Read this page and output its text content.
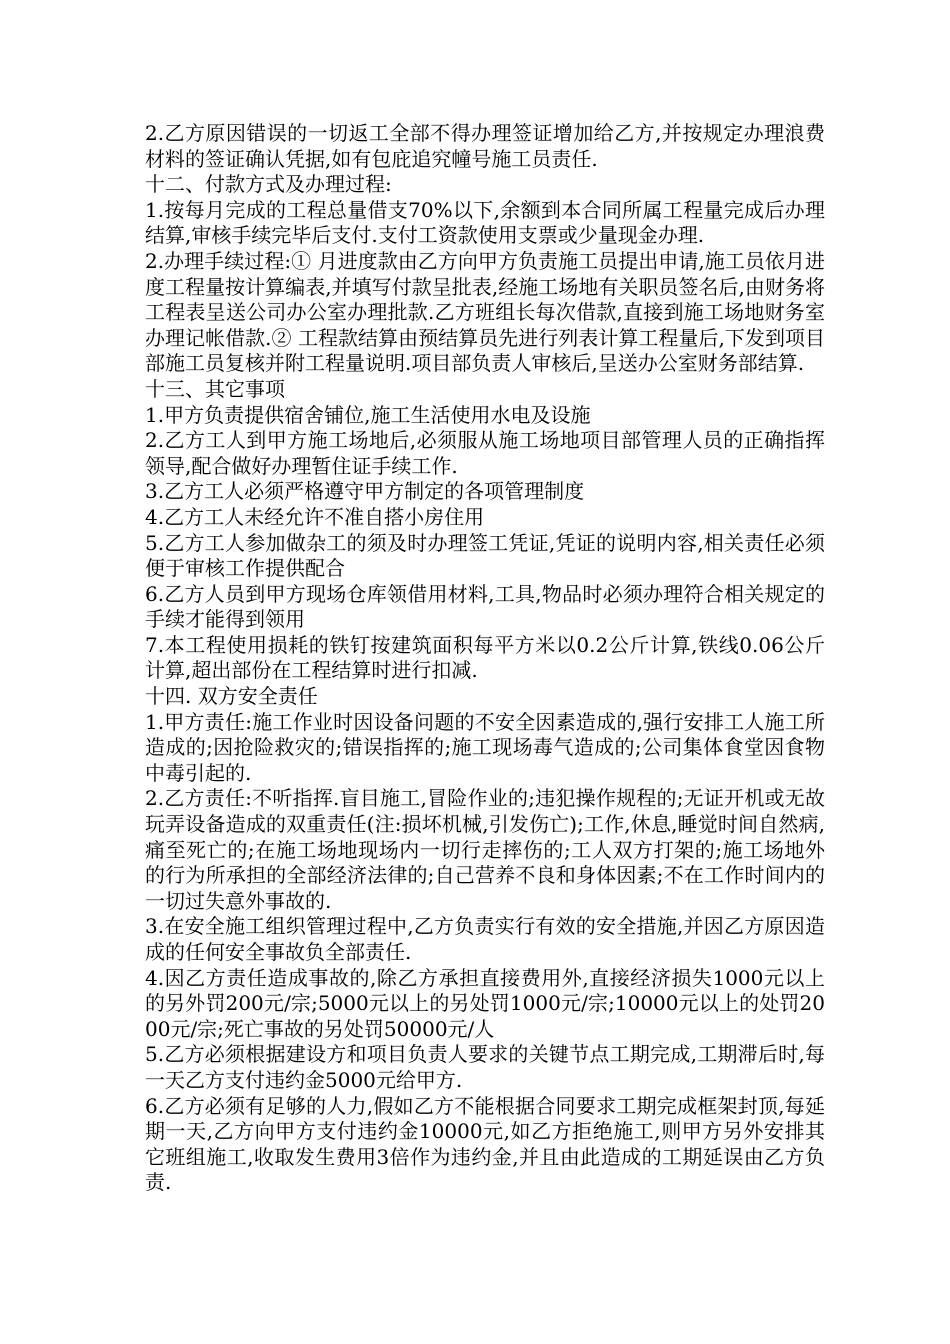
2.乙方原因错误的一切返工全部不得办理签证增加给乙方,并按规定办理浪费材料的签证确认凭据,如有包庇追究幢号施工员责任.

十二、付款方式及办理过程:

1.按每月完成的工程总量借支70%以下,余额到本合同所属工程量完成后办理结算,审核手续完毕后支付.支付工资款使用支票或少量现金办理.

2.办理手续过程:① 月进度款由乙方向甲方负责施工员提出申请,施工员依月进度工程量按计算编表,并填写付款呈批表,经施工场地有关职员签名后,由财务将工程表呈送公司办公室办理批款.乙方班组长每次借款,直接到施工场地财务室办理记帐借款.② 工程款结算由预结算员先进行列表计算工程量后,下发到项目部施工员复核并附工程量说明.项目部负责人审核后,呈送办公室财务部结算.

十三、其它事项

1.甲方负责提供宿舍铺位,施工生活使用水电及设施

2.乙方工人到甲方施工场地后,必须服从施工场地项目部管理人员的正确指挥领导,配合做好办理暂住证手续工作.

3.乙方工人必须严格遵守甲方制定的各项管理制度

4.乙方工人未经允许不准自搭小房住用

5.乙方工人参加做杂工的须及时办理签工凭证,凭证的说明内容,相关责任必须便于审核工作提供配合

6.乙方人员到甲方现场仓库领借用材料,工具,物品时必须办理符合相关规定的手续才能得到领用

7.本工程使用损耗的铁钉按建筑面积每平方米以0.2公斤计算,铁线0.06公斤计算,超出部份在工程结算时进行扣减.

十四. 双方安全责任

1.甲方责任:施工作业时因设备问题的不安全因素造成的,强行安排工人施工所造成的;因抢险救灾的;错误指挥的;施工现场毒气造成的;公司集体食堂因食物中毒引起的.

2.乙方责任:不听指挥.盲目施工,冒险作业的;违犯操作规程的;无证开机或无故玩弄设备造成的双重责任(注:损坏机械,引发伤亡);工作,休息,睡觉时间自然病,痛至死亡的;在施工场地现场内一切行走摔伤的;工人双方打架的;施工场地外的行为所承担的全部经济法律的;自己营养不良和身体因素;不在工作时间内的一切过失意外事故的.

3.在安全施工组织管理过程中,乙方负责实行有效的安全措施,并因乙方原因造成的任何安全事故负全部责任.

4.因乙方责任造成事故的,除乙方承担直接费用外,直接经济损失1000元以上的另外罚200元/宗;5000元以上的另处罚1000元/宗;10000元以上的处罚2000元/宗;死亡事故的另处罚50000元/人

5.乙方必须根据建设方和项目负责人要求的关键节点工期完成,工期滞后时,每一天乙方支付违约金5000元给甲方.

6.乙方必须有足够的人力,假如乙方不能根据合同要求工期完成框架封顶,每延期一天,乙方向甲方支付违约金10000元,如乙方拒绝施工,则甲方另外安排其它班组施工,收取发生费用3倍作为违约金,并且由此造成的工期延误由乙方负责.
